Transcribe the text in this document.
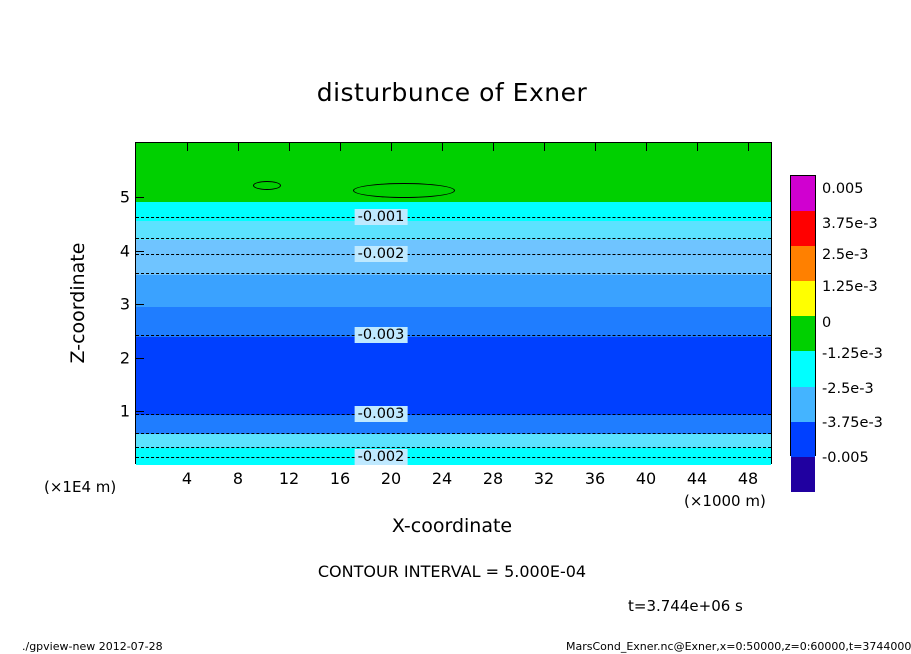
disturbunce of Exner
-0.001
-0.002
-0.003
-0.003
-0.002
1
2
3
4
5
4	8 12 16 20 24 28 32 36 40 44 48
Z-coordinate
X-coordinate
(×1E4 m)
(×1000 m)
0.005
3.75e-3
2.5e-3
1.25e-3
0
-1.25e-3
-2.5e-3
-3.75e-3
-0.005
CONTOUR INTERVAL = 5.000E-04
t=3.744e+06 s
./gpview-new 2012-07-28	MarsCond_Exner.nc@Exner,x=0:50000,z=0:60000,t=3744000
